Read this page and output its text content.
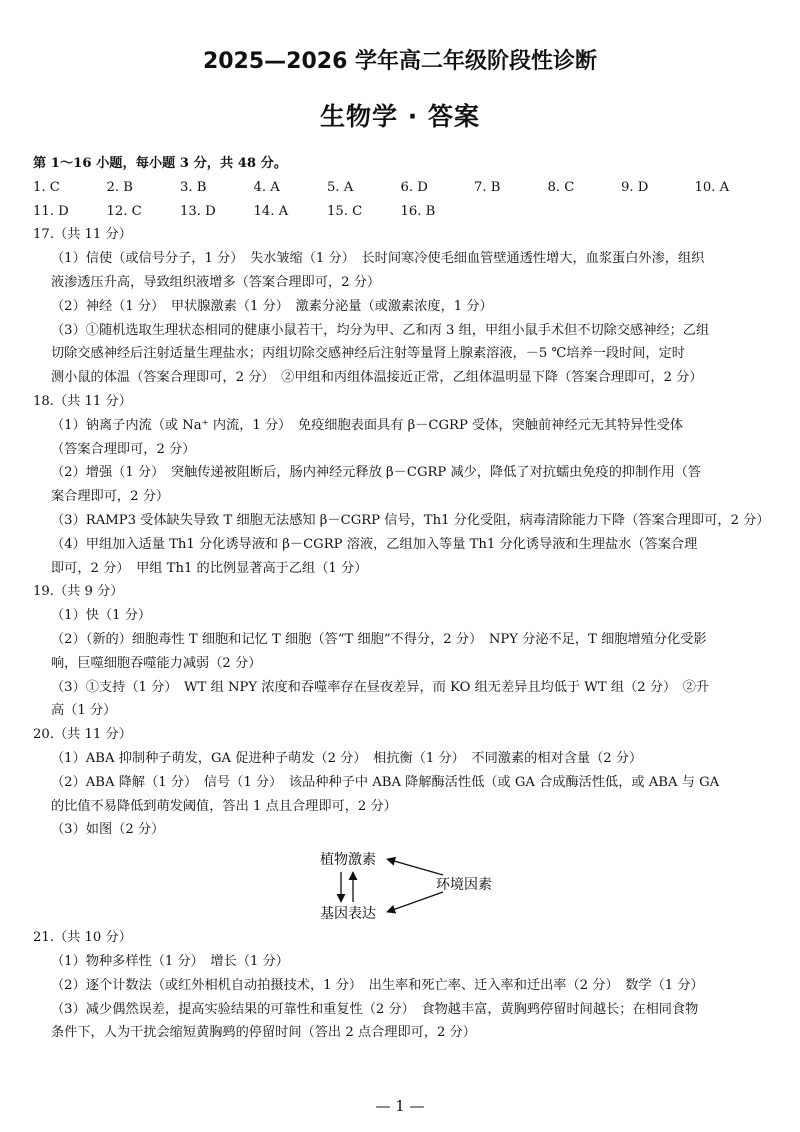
2025—2026 学年高二年级阶段性诊断
生物学 · 答案
第 1～16 小题，每小题 3 分，共 48 分。
1. C	2. B	3. B	4. A	5. A	6. D	7. B	8. C	9. D	10. A
11. D	12. C	13. D	14. A	15. C	16. B
17.（共 11 分）
（1）信使（或信号分子，1 分）　失水皱缩（1 分）　长时间寒冷使毛细血管壁通透性增大，血浆蛋白外渗，组织
液渗透压升高，导致组织液增多（答案合理即可，2 分）
（2）神经（1 分）　甲状腺激素（1 分）　激素分泌量（或激素浓度，1 分）
（3）①随机选取生理状态相同的健康小鼠若干，均分为甲、乙和丙 3 组，甲组小鼠手术但不切除交感神经；乙组
切除交感神经后注射适量生理盐水；丙组切除交感神经后注射等量肾上腺素溶液，－5 ℃培养一段时间，定时
测小鼠的体温（答案合理即可，2 分）　②甲组和丙组体温接近正常，乙组体温明显下降（答案合理即可，2 分）
18.（共 11 分）
（1）钠离子内流（或 Na⁺ 内流，1 分）　免疫细胞表面具有 β－CGRP 受体，突触前神经元无其特异性受体
（答案合理即可，2 分）
（2）增强（1 分）　突触传递被阻断后，肠内神经元释放 β－CGRP 减少，降低了对抗蠕虫免疫的抑制作用（答
案合理即可，2 分）
（3）RAMP3 受体缺失导致 T 细胞无法感知 β－CGRP 信号，Th1 分化受阻，病毒清除能力下降（答案合理即可，2 分）
（4）甲组加入适量 Th1 分化诱导液和 β－CGRP 溶液，乙组加入等量 Th1 分化诱导液和生理盐水（答案合理
即可，2 分）　甲组 Th1 的比例显著高于乙组（1 分）
19.（共 9 分）
（1）快（1 分）
（2）（新的）细胞毒性 T 细胞和记忆 T 细胞（答“T 细胞”不得分，2 分）　NPY 分泌不足，T 细胞增殖分化受影
响，巨噬细胞吞噬能力减弱（2 分）
（3）①支持（1 分）　WT 组 NPY 浓度和吞噬率存在昼夜差异，而 KO 组无差异且均低于 WT 组（2 分）　②升
高（1 分）
20.（共 11 分）
（1）ABA 抑制种子萌发，GA 促进种子萌发（2 分）　相抗衡（1 分）　不同激素的相对含量（2 分）
（2）ABA 降解（1 分）　信号（1 分）　该品种种子中 ABA 降解酶活性低（或 GA 合成酶活性低，或 ABA 与 GA
的比值不易降低到萌发阈值，答出 1 点且合理即可，2 分）
（3）如图（2 分）
植物激素
环境因素
基因表达
21.（共 10 分）
（1）物种多样性（1 分）　增长（1 分）
（2）逐个计数法（或红外相机自动拍摄技术，1 分）　出生率和死亡率、迁入率和迁出率（2 分）　数学（1 分）
（3）减少偶然误差，提高实验结果的可靠性和重复性（2 分）　食物越丰富，黄胸鹀停留时间越长；在相同食物
条件下，人为干扰会缩短黄胸鹀的停留时间（答出 2 点合理即可，2 分）
— 1 —
